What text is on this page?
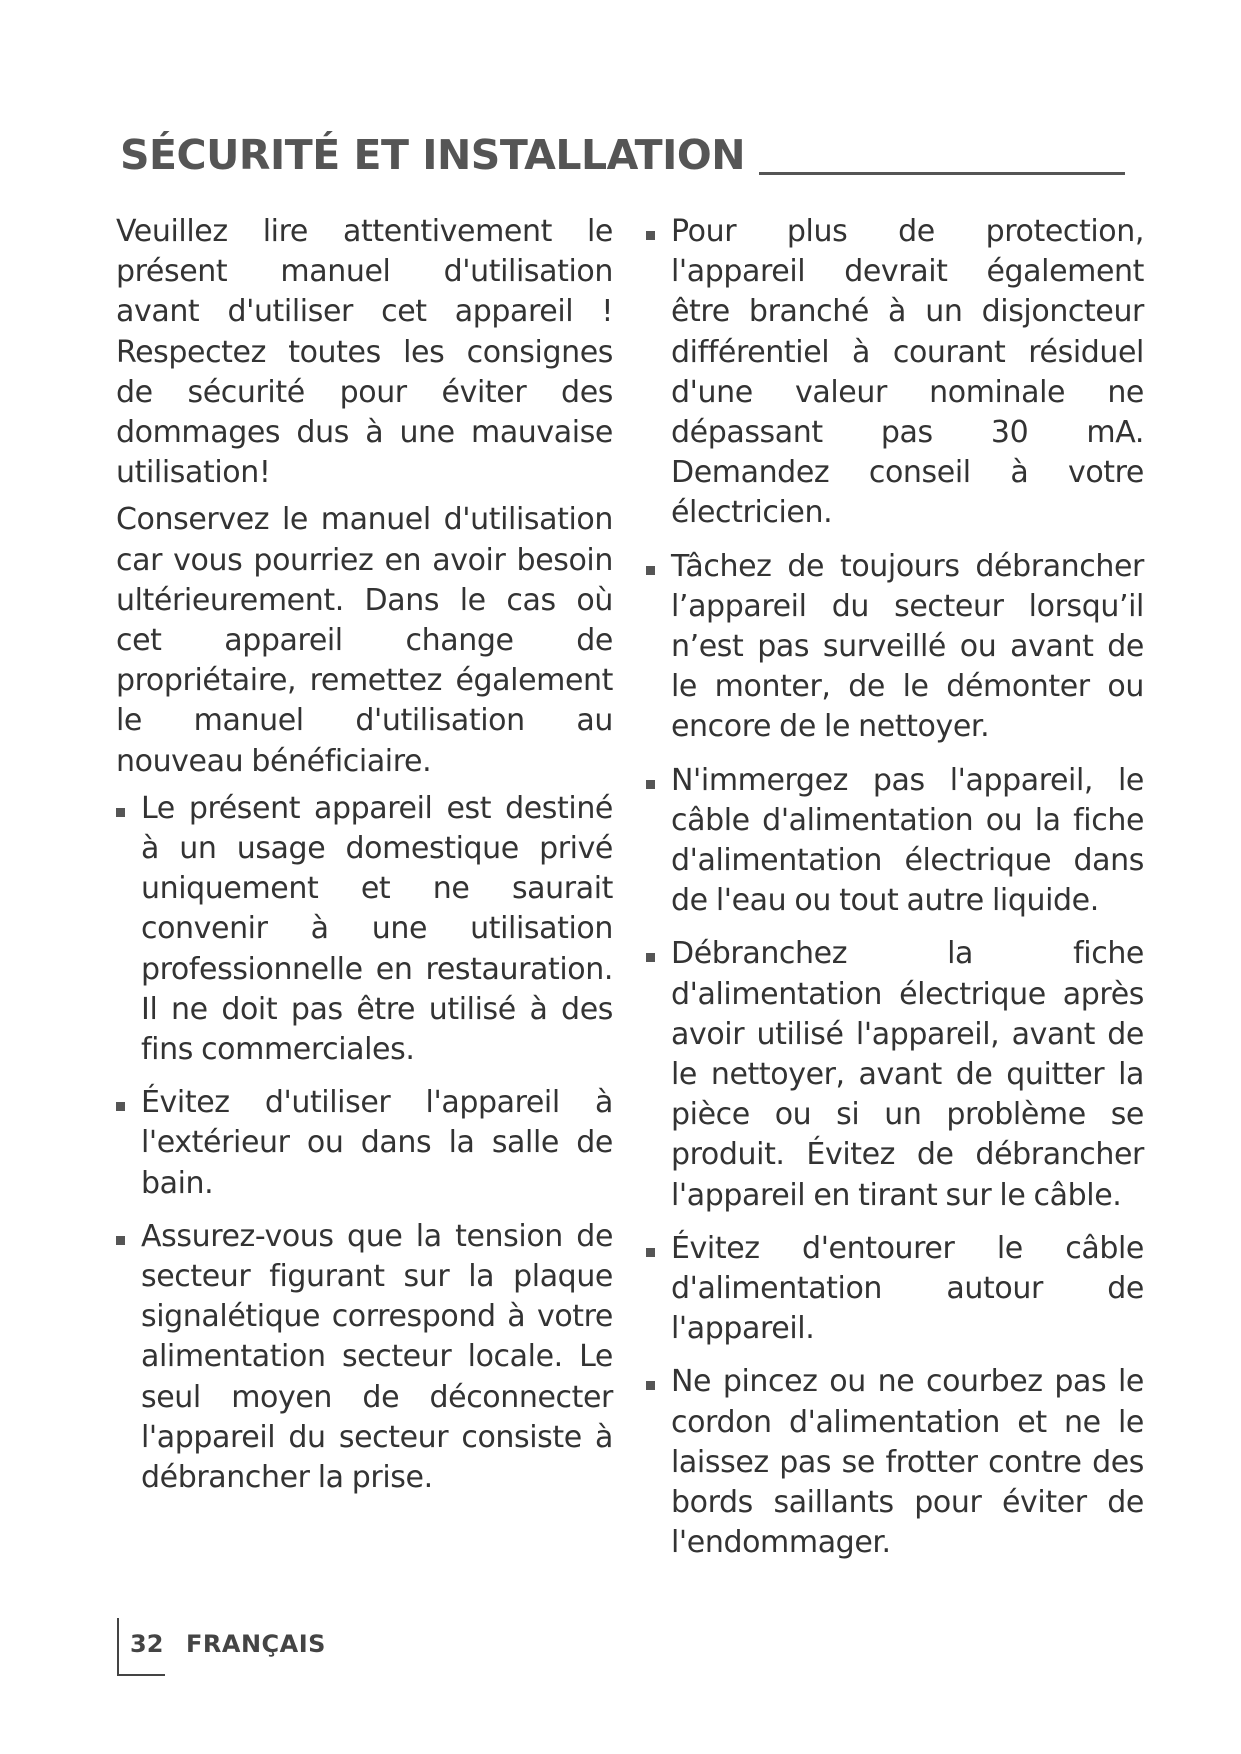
SÉCURITÉ ET INSTALLATION

Veuillez lire attentivement le présent manuel d'utilisation avant d'utiliser cet appareil ! Respectez toutes les consignes de sécurité pour éviter des dommages dus à une mauvaise utilisation!

Conservez le manuel d'utilisation car vous pourriez en avoir besoin ultérieurement. Dans le cas où cet appareil change de propriétaire, remettez également le manuel d'utilisation au nouveau bénéficiaire.

Le présent appareil est destiné à un usage domestique privé uniquement et ne saurait convenir à une utilisation professionnelle en restauration. Il ne doit pas être utilisé à des fins commerciales.
Évitez d'utiliser l'appareil à l'extérieur ou dans la salle de bain.
Assurez-vous que la tension de secteur figurant sur la plaque signalétique correspond à votre alimentation secteur locale. Le seul moyen de déconnecter l'appareil du secteur consiste à débrancher la prise.
Pour plus de protection, l'appareil devrait également être branché à un disjoncteur différentiel à courant résiduel d'une valeur nominale ne dépassant pas 30 mA. Demandez conseil à votre électricien.
Tâchez de toujours débrancher l’appareil du secteur lorsqu’il n’est pas surveillé ou avant de le monter, de le démonter ou encore de le nettoyer.
N'immergez pas l'appareil, le câble d'alimentation ou la fiche d'alimentation électrique dans de l'eau ou tout autre liquide.
Débranchez la fiche d'alimentation électrique après avoir utilisé l'appareil, avant de le nettoyer, avant de quitter la pièce ou si un problème se produit. Évitez de débrancher l'appareil en tirant sur le câble.
Évitez d'entourer le câble d'alimentation autour de l'appareil.
Ne pincez ou ne courbez pas le cordon d'alimentation et ne le laissez pas se frotter contre des bords saillants pour éviter de l'endommager.
32 FRANÇAIS
